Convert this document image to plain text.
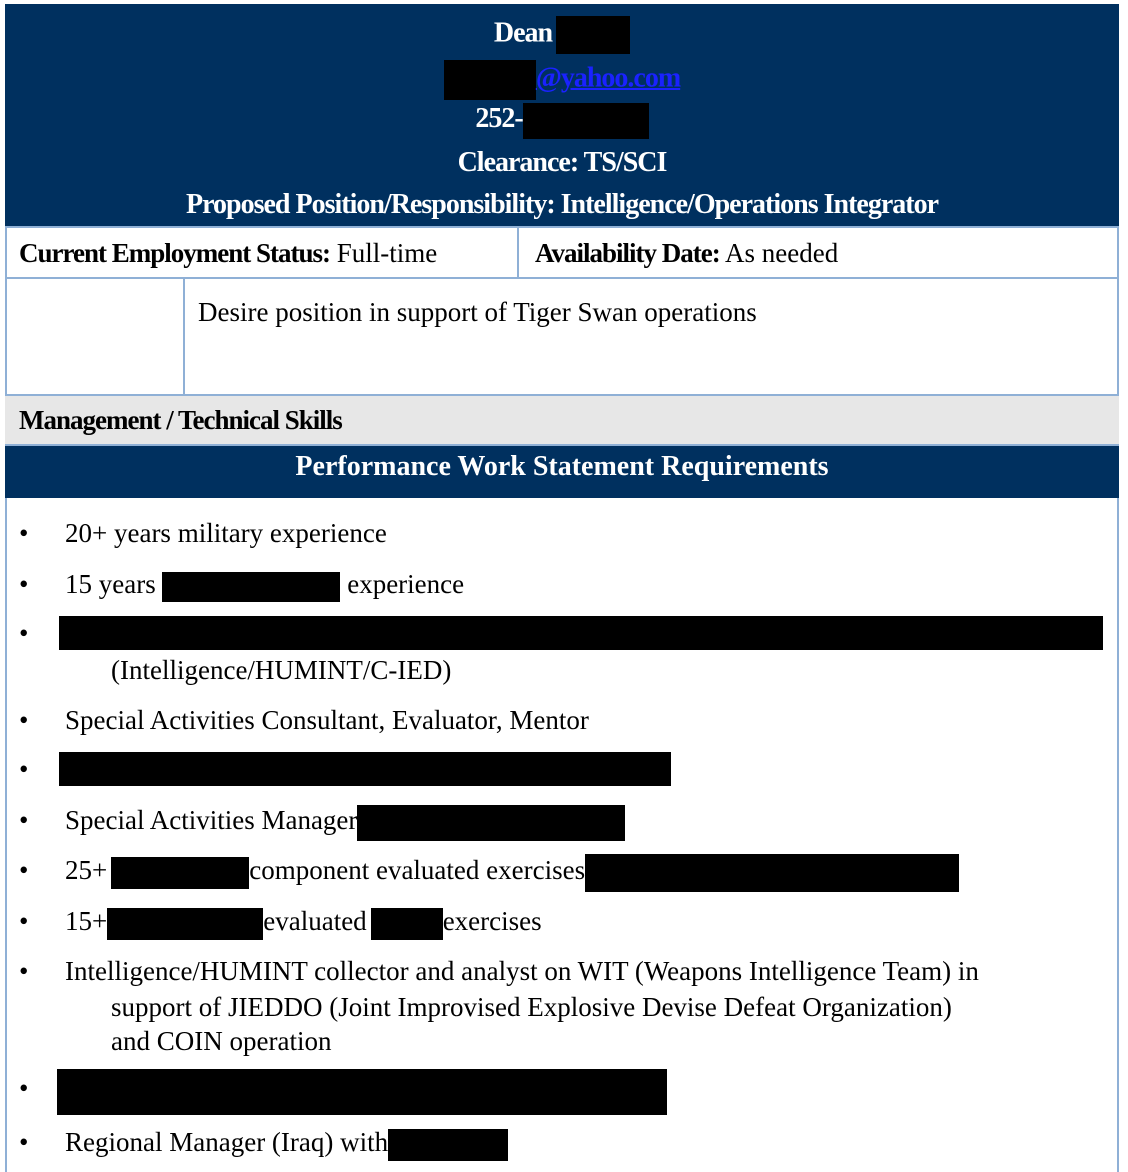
Dean
@yahoo.com
252-
Clearance: TS/SCI
Proposed Position/Responsibility: Intelligence/Operations Integrator
Current Employment Status: Full-time	Availability Date: As needed
Desire position in support of Tiger Swan operations
Management / Technical Skills
Performance Work Statement Requirements
• 20+ years military experience
• 15 years	experience
•
(Intelligence/HUMINT/C-IED)
• Special Activities Consultant, Evaluator, Mentor
•
• Special Activities Manager
• 25+	component evaluated exercises
• 15+	evaluated	exercises
• Intelligence/HUMINT collector and analyst on WIT (Weapons Intelligence Team) in
support of JIEDDO (Joint Improvised Explosive Devise Defeat Organization)
and COIN operation
•
• Regional Manager (Iraq) with
